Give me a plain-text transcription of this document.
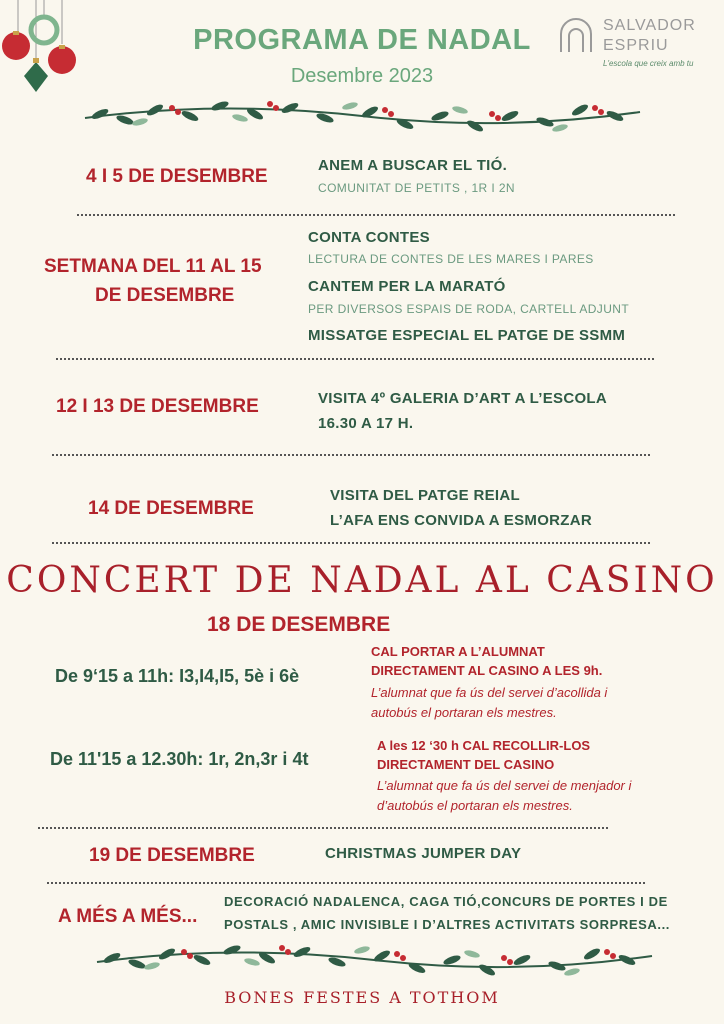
SALVADOR
ESPRIU
L'escola que creix amb tu
PROGRAMA DE NADAL
Desembre 2023
4 I 5 DE DESEMBRE
ANEM A BUSCAR EL TIÓ.
COMUNITAT DE PETITS , 1R I 2N
SETMANA DEL 11 AL 15
DE DESEMBRE
CONTA CONTES
LECTURA DE CONTES DE LES MARES I PARES
CANTEM PER LA MARATÓ
PER DIVERSOS ESPAIS DE RODA, CARTELL ADJUNT
MISSATGE ESPECIAL EL PATGE DE SSMM
12 I 13 DE DESEMBRE	VISITA 4º GALERIA D’ART A L’ESCOLA
16.30 A 17 H.
14 DE DESEMBRE
VISITA DEL PATGE REIAL
L’AFA ENS CONVIDA A ESMORZAR
CONCERT DE NADAL AL CASINO
18 DE DESEMBRE
De 9‘15 a 11h: I3,I4,I5, 5è i 6è
CAL PORTAR A L’ALUMNAT
DIRECTAMENT AL CASINO A LES 9h.
L’alumnat que fa ús del servei d’acollida i
autobús el portaran els mestres.
De 11'15 a 12.30h: 1r, 2n,3r i 4t
A les 12 ‘30 h CAL RECOLLIR-LOS
DIRECTAMENT DEL CASINO
L’alumnat que fa ús del servei de menjador i
d’autobús el portaran els mestres.
19 DE DESEMBRE	CHRISTMAS JUMPER DAY
A MÉS A MÉS...
DECORACIÓ NADALENCA, CAGA TIÓ,CONCURS DE PORTES I DE
POSTALS , AMIC INVISIBLE I D’ALTRES ACTIVITATS SORPRESA...
BONES FESTES A TOTHOM
